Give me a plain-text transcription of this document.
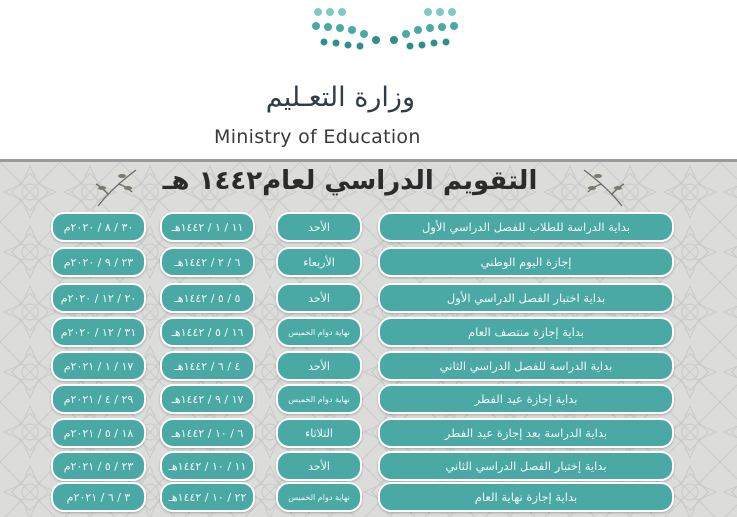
وزارة التعـليم
Ministry of Education
التقويم الدراسي لعام١٤٤٢ هـ
بداية الدراسة للطلاب للفصل الدراسي الأول
الأحد
١١ / ١ / ١٤٤٢هـ
٣٠ / ٨ / ٢٠٢٠م
إجازة اليوم الوطني
الأربعاء
٦ / ٢ / ١٤٤٢هـ
٢٣ / ٩ / ٢٠٢٠م
بداية اختبار الفصل الدراسي الأول
الأحد
٥ / ٥ / ١٤٤٢هـ
٢٠ / ١٢ / ٢٠٢٠م
بداية إجازة منتصف العام
نهاية دوام الخميس
١٦ / ٥ / ١٤٤٢هـ
٣١ / ١٢ / ٢٠٢٠م
بداية الدراسة للفصل الدراسي الثاني
الأحد
٤ / ٦ / ١٤٤٢هـ
١٧ / ١ / ٢٠٢١م
بداية إجازة عيد الفطر
نهاية دوام الخميس
١٧ / ٩ / ١٤٤٢هـ
٢٩ / ٤ / ٢٠٢١م
بداية الدراسة بعد إجازة عيد الفطر
الثلاثاء
٦ / ١٠ / ١٤٤٢هـ
١٨ / ٥ / ٢٠٢١م
بداية إختبار الفصل الدراسي الثاني
الأحد
١١ / ١٠ / ١٤٤٢هـ
٢٣ / ٥ / ٢٠٢١م
بداية إجازة نهاية العام
نهاية دوام الخميس
٢٢ / ١٠ / ١٤٤٢هـ
٣ / ٦ / ٢٠٢١م
